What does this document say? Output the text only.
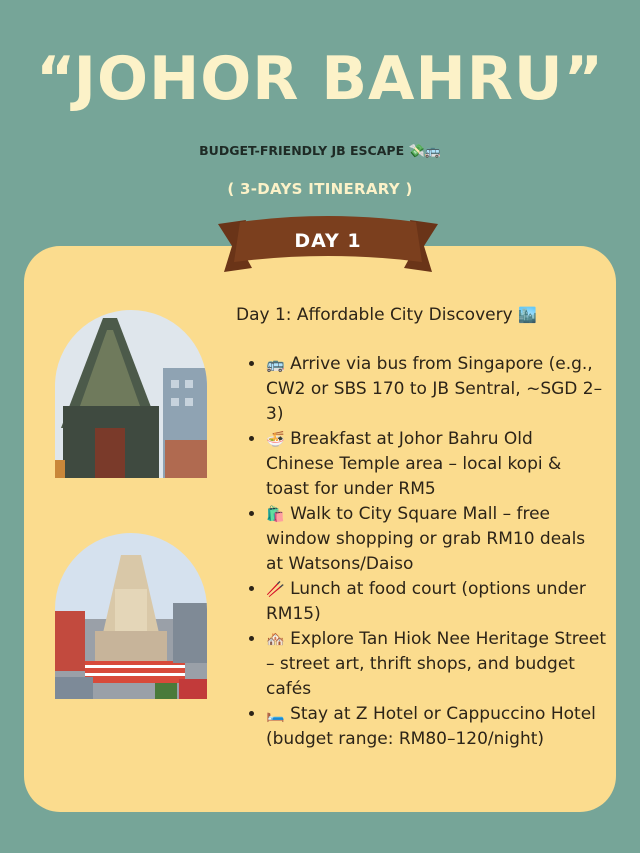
“JOHOR BAHRU”
BUDGET-FRIENDLY JB ESCAPE 💸🚌
( 3-DAYS ITINERARY )
DAY 1
Day 1: Affordable City Discovery 🏙️
• 🚌 Arrive via bus from Singapore (e.g., CW2 or SBS 170 to JB Sentral, ~SGD 2–3)
• 🍜 Breakfast at Johor Bahru Old Chinese Temple area – local kopi & toast for under RM5
• 🛍️ Walk to City Square Mall – free window shopping or grab RM10 deals at Watsons/Daiso
• 🥢 Lunch at food court (options under RM15)
• 🏘️ Explore Tan Hiok Nee Heritage Street – street art, thrift shops, and budget cafés
• 🛏️ Stay at Z Hotel or Cappuccino Hotel (budget range: RM80–120/night)
